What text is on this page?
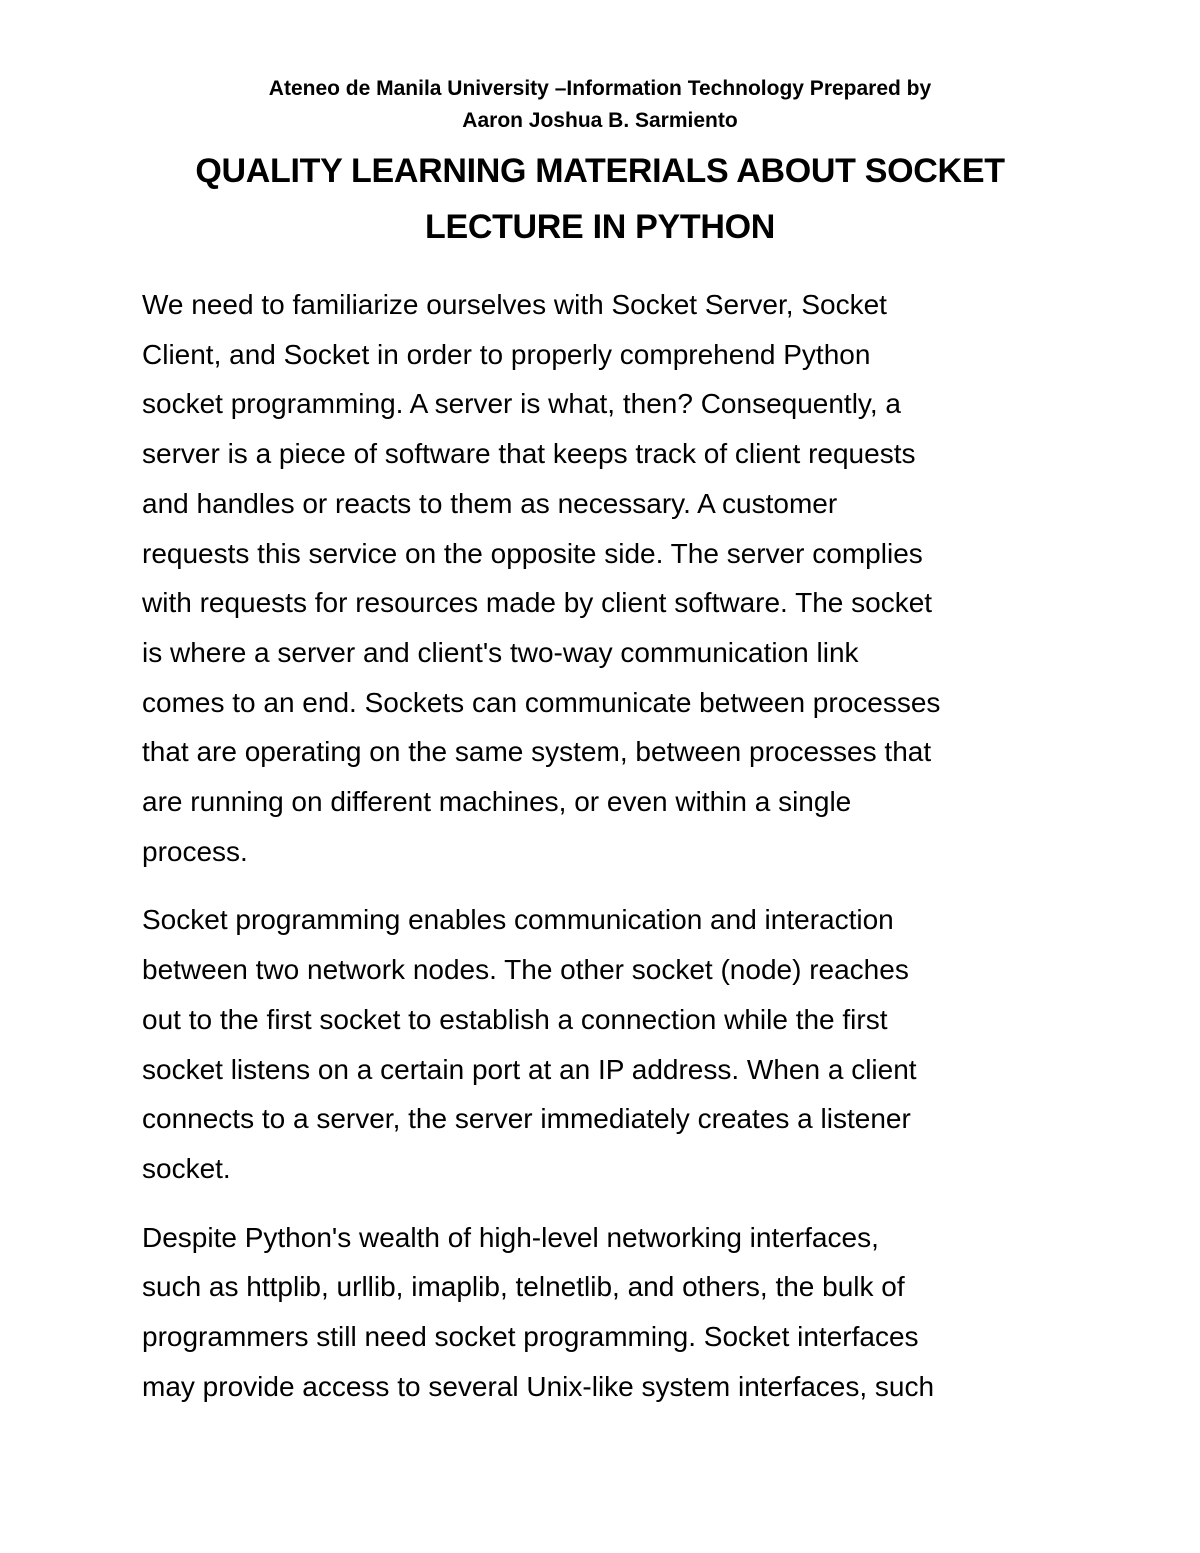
Ateneo de Manila University –Information Technology Prepared by
Aaron Joshua B. Sarmiento
QUALITY LEARNING MATERIALS ABOUT SOCKET
LECTURE IN PYTHON

We need to familiarize ourselves with Socket Server, Socket
Client, and Socket in order to properly comprehend Python
socket programming. A server is what, then? Consequently, a
server is a piece of software that keeps track of client requests
and handles or reacts to them as necessary. A customer
requests this service on the opposite side. The server complies
with requests for resources made by client software. The socket
is where a server and client's two-way communication link
comes to an end. Sockets can communicate between processes
that are operating on the same system, between processes that
are running on different machines, or even within a single
process.

Socket programming enables communication and interaction
between two network nodes. The other socket (node) reaches
out to the first socket to establish a connection while the first
socket listens on a certain port at an IP address. When a client
connects to a server, the server immediately creates a listener
socket.

Despite Python's wealth of high-level networking interfaces,
such as httplib, urllib, imaplib, telnetlib, and others, the bulk of
programmers still need socket programming. Socket interfaces
may provide access to several Unix-like system interfaces, such
